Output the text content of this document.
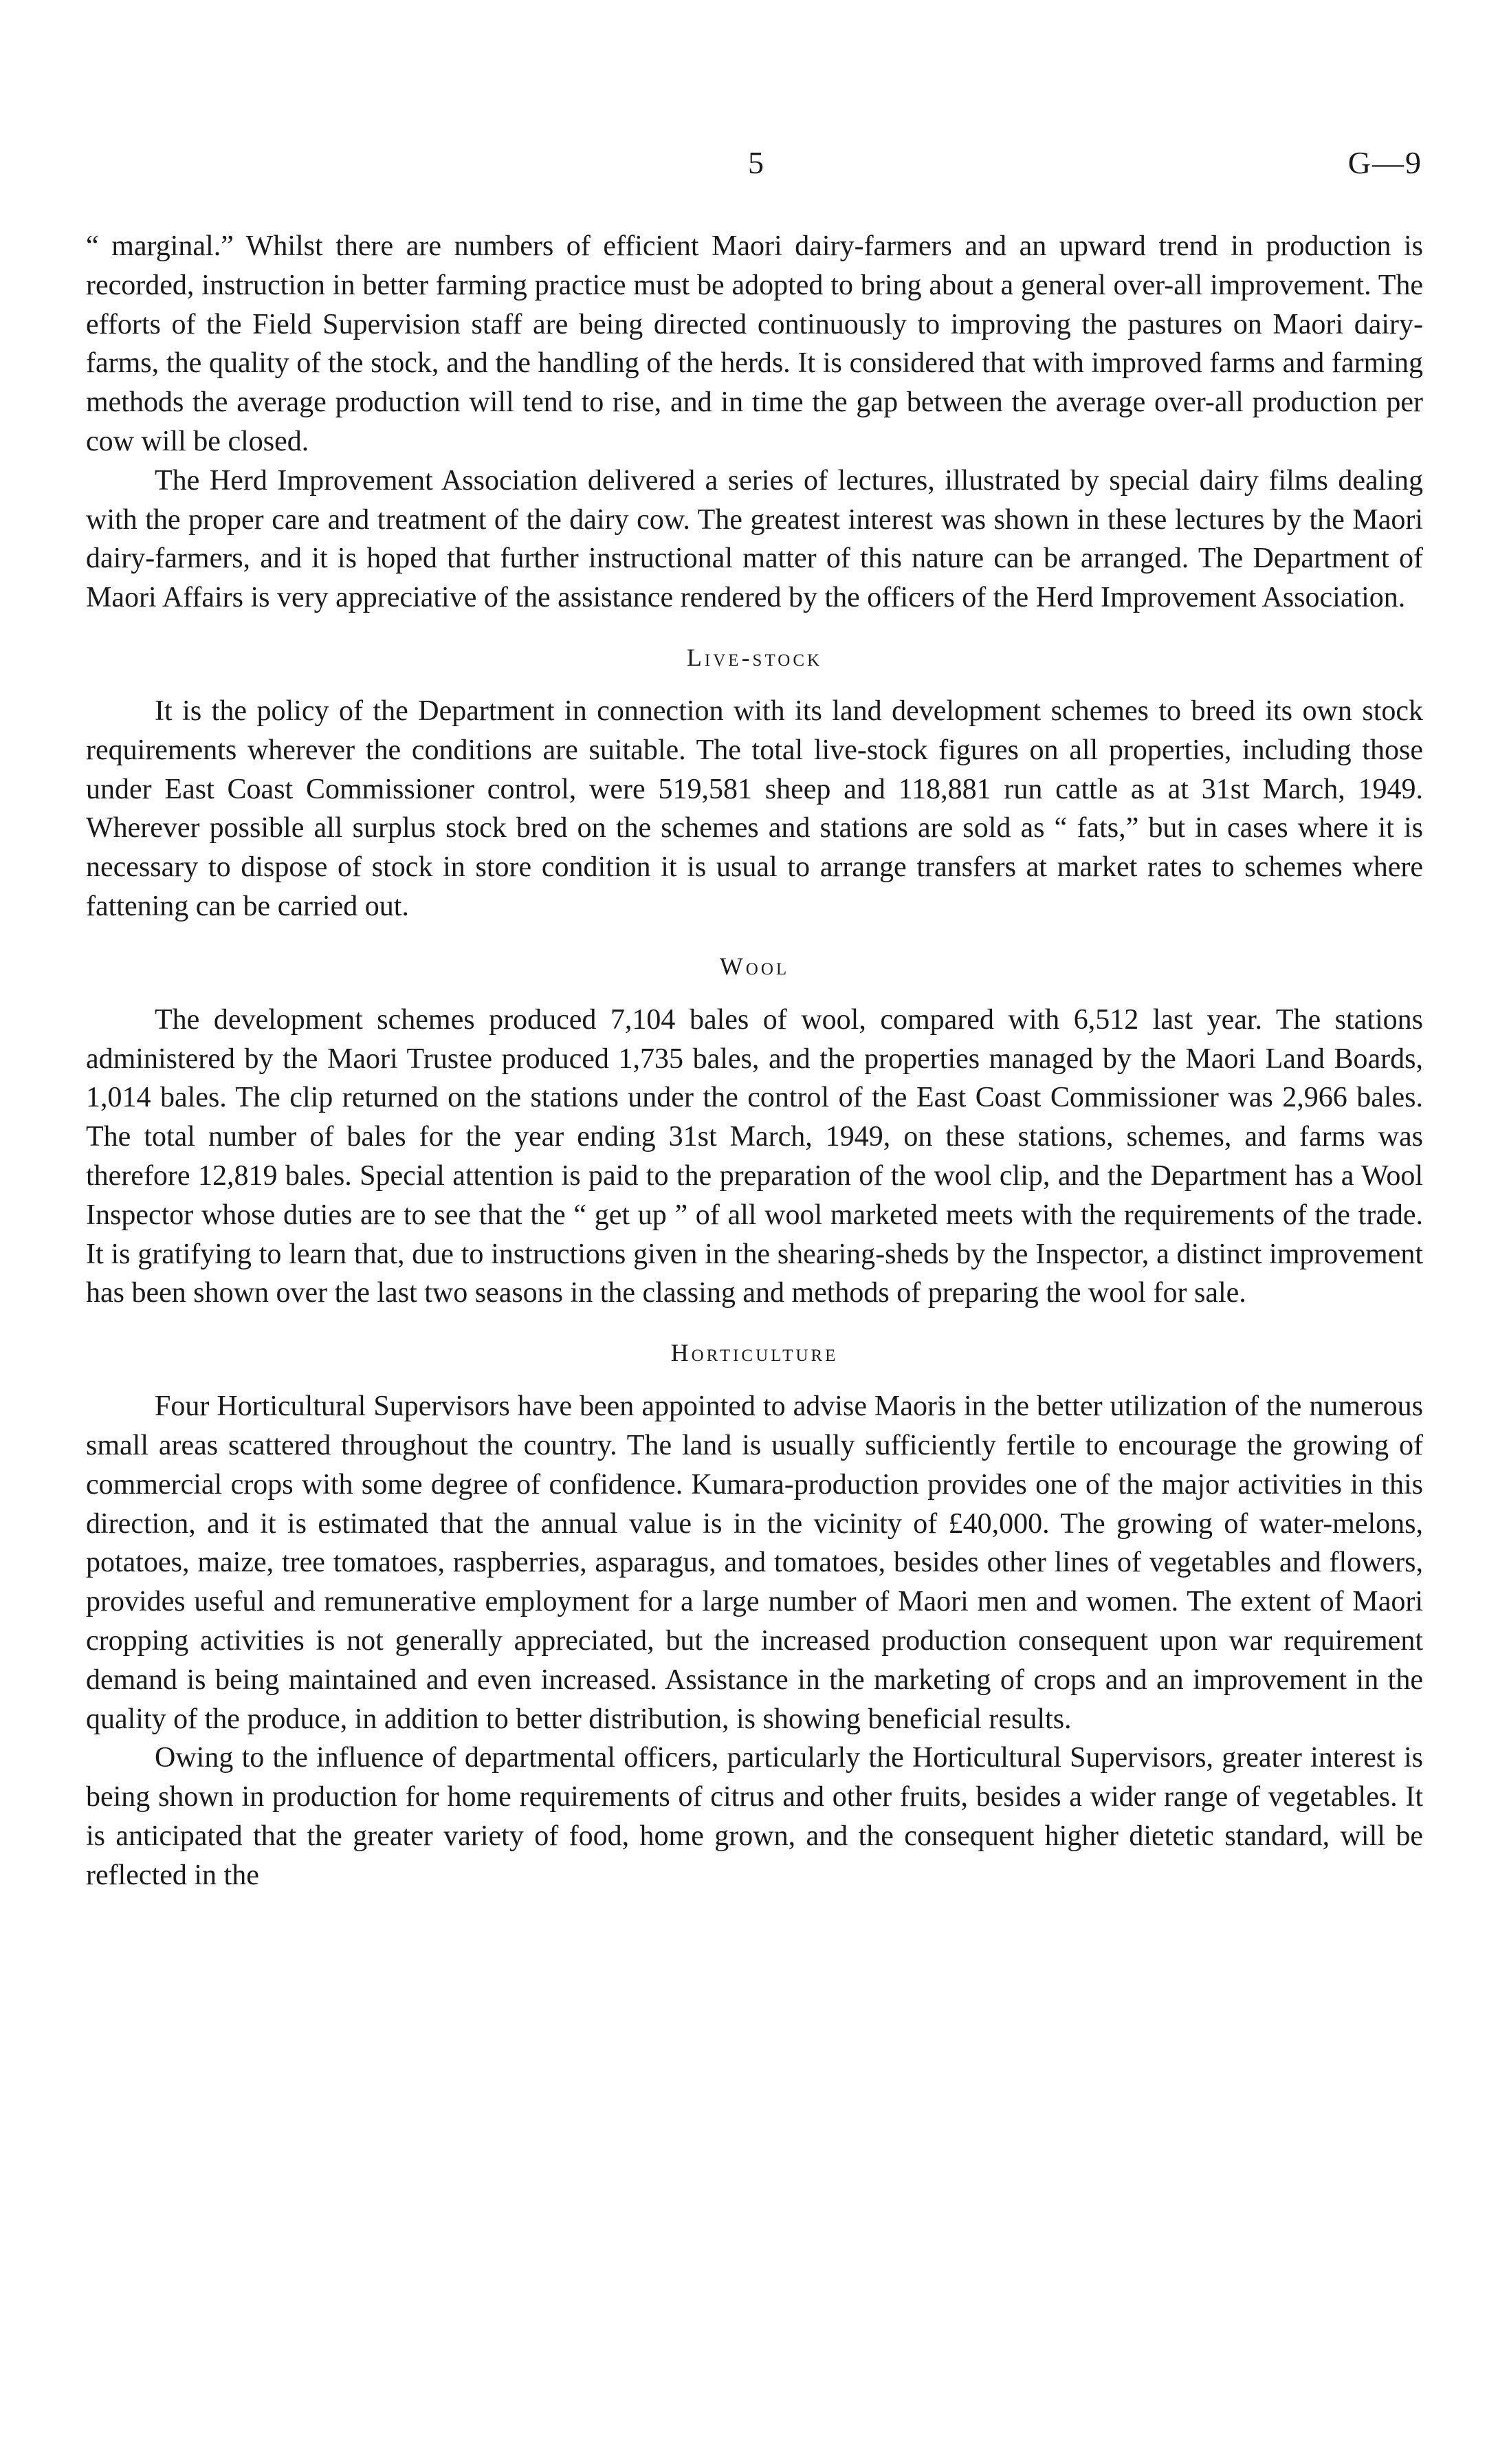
5	G—9

“ marginal.” Whilst there are numbers of efficient Maori dairy-farmers and an upward trend in production is recorded, instruction in better farming practice must be adopted to bring about a general over-all improvement. The efforts of the Field Supervision staff are being directed continuously to improving the pastures on Maori dairy-farms, the quality of the stock, and the handling of the herds. It is considered that with improved farms and farming methods the average production will tend to rise, and in time the gap between the average over-all production per cow will be closed.

The Herd Improvement Association delivered a series of lectures, illustrated by special dairy films dealing with the proper care and treatment of the dairy cow. The greatest interest was shown in these lectures by the Maori dairy-farmers, and it is hoped that further instructional matter of this nature can be arranged. The Department of Maori Affairs is very appreciative of the assistance rendered by the officers of the Herd Improvement Association.

Live-stock

It is the policy of the Department in connection with its land development schemes to breed its own stock requirements wherever the conditions are suitable. The total live-stock figures on all properties, including those under East Coast Commissioner control, were 519,581 sheep and 118,881 run cattle as at 31st March, 1949. Wherever possible all surplus stock bred on the schemes and stations are sold as “ fats,” but in cases where it is necessary to dispose of stock in store condition it is usual to arrange transfers at market rates to schemes where fattening can be carried out.

Wool

The development schemes produced 7,104 bales of wool, compared with 6,512 last year. The stations administered by the Maori Trustee produced 1,735 bales, and the properties managed by the Maori Land Boards, 1,014 bales. The clip returned on the stations under the control of the East Coast Commissioner was 2,966 bales. The total number of bales for the year ending 31st March, 1949, on these stations, schemes, and farms was therefore 12,819 bales. Special attention is paid to the preparation of the wool clip, and the Department has a Wool Inspector whose duties are to see that the “ get up ” of all wool marketed meets with the requirements of the trade. It is gratifying to learn that, due to instructions given in the shearing-sheds by the Inspector, a distinct improvement has been shown over the last two seasons in the classing and methods of preparing the wool for sale.

Horticulture

Four Horticultural Supervisors have been appointed to advise Maoris in the better utilization of the numerous small areas scattered throughout the country. The land is usually sufficiently fertile to encourage the growing of commercial crops with some degree of confidence. Kumara-production provides one of the major activities in this direction, and it is estimated that the annual value is in the vicinity of £40,000. The growing of water-melons, potatoes, maize, tree tomatoes, raspberries, asparagus, and tomatoes, besides other lines of vegetables and flowers, provides useful and remunerative employment for a large number of Maori men and women. The extent of Maori cropping activities is not generally appreciated, but the increased production consequent upon war requirement demand is being maintained and even increased. Assistance in the marketing of crops and an improvement in the quality of the produce, in addition to better distribution, is showing beneficial results.

Owing to the influence of departmental officers, particularly the Horticultural Supervisors, greater interest is being shown in production for home requirements of citrus and other fruits, besides a wider range of vegetables. It is anticipated that the greater variety of food, home grown, and the consequent higher dietetic standard, will be reflected in the
